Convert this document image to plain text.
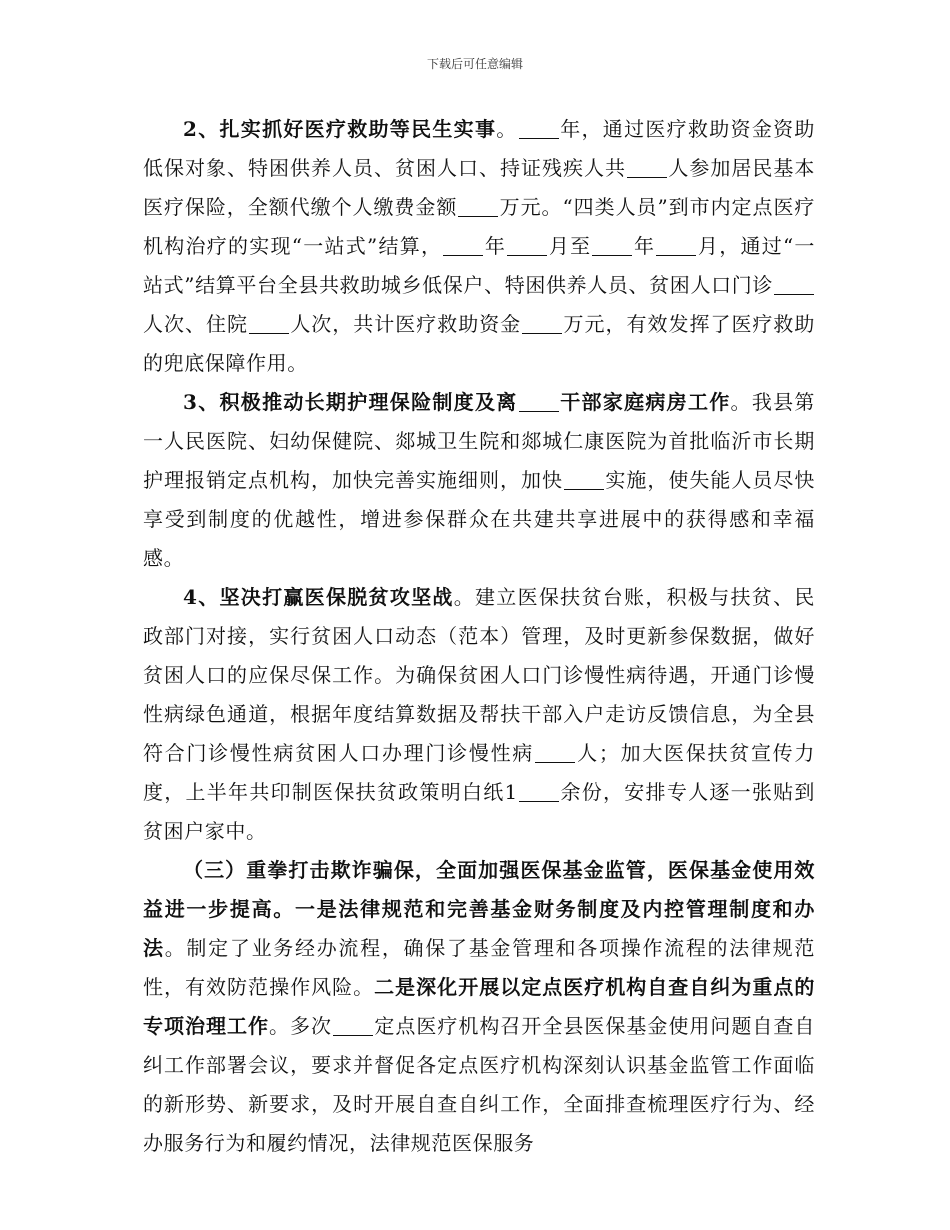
下载后可任意编辑

2、扎实抓好医疗救助等民生实事。 年，通过医疗救助资金资助低保对象、特困供养人员、贫困人口、持证残疾人共 人参加居民基本医疗保险，全额代缴个人缴费金额 万元。“四类人员”到市内定点医疗机构治疗的实现“一站式”结算， 年 月至 年 月，通过“一站式”结算平台全县共救助城乡低保户、特困供养人员、贫困人口门诊人次、住院 人次，共计医疗救助资金 万元，有效发挥了医疗救助的兜底保障作用。

3、积极推动长期护理保险制度及离 干部家庭病房工作。我县第一人民医院、妇幼保健院、郯城卫生院和郯城仁康医院为首批临沂市长期护理报销定点机构，加快完善实施细则，加快 实施，使失能人员尽快享受到制度的优越性，增进参保群众在共建共享进展中的获得感和幸福感。

4、坚决打赢医保脱贫攻坚战。建立医保扶贫台账，积极与扶贫、民政部门对接，实行贫困人口动态（范本）管理，及时更新参保数据，做好贫困人口的应保尽保工作。为确保贫困人口门诊慢性病待遇，开通门诊慢性病绿色通道，根据年度结算数据及帮扶干部入户走访反馈信息，为全县符合门诊慢性病贫困人口办理门诊慢性病 人；加大医保扶贫宣传力度，上半年共印制医保扶贫政策明白纸1 余份，安排专人逐一张贴到贫困户家中。

（三）重拳打击欺诈骗保，全面加强医保基金监管，医保基金使用效益进一步提高。一是法律规范和完善基金财务制度及内控管理制度和办法。制定了业务经办流程，确保了基金管理和各项操作流程的法律规范性，有效防范操作风险。二是深化开展以定点医疗机构自查自纠为重点的专项治理工作。多次 定点医疗机构召开全县医保基金使用问题自查自纠工作部署会议，要求并督促各定点医疗机构深刻认识基金监管工作面临的新形势、新要求，及时开展自查自纠工作，全面排查梳理医疗行为、经办服务行为和履约情况，法律规范医保服务
